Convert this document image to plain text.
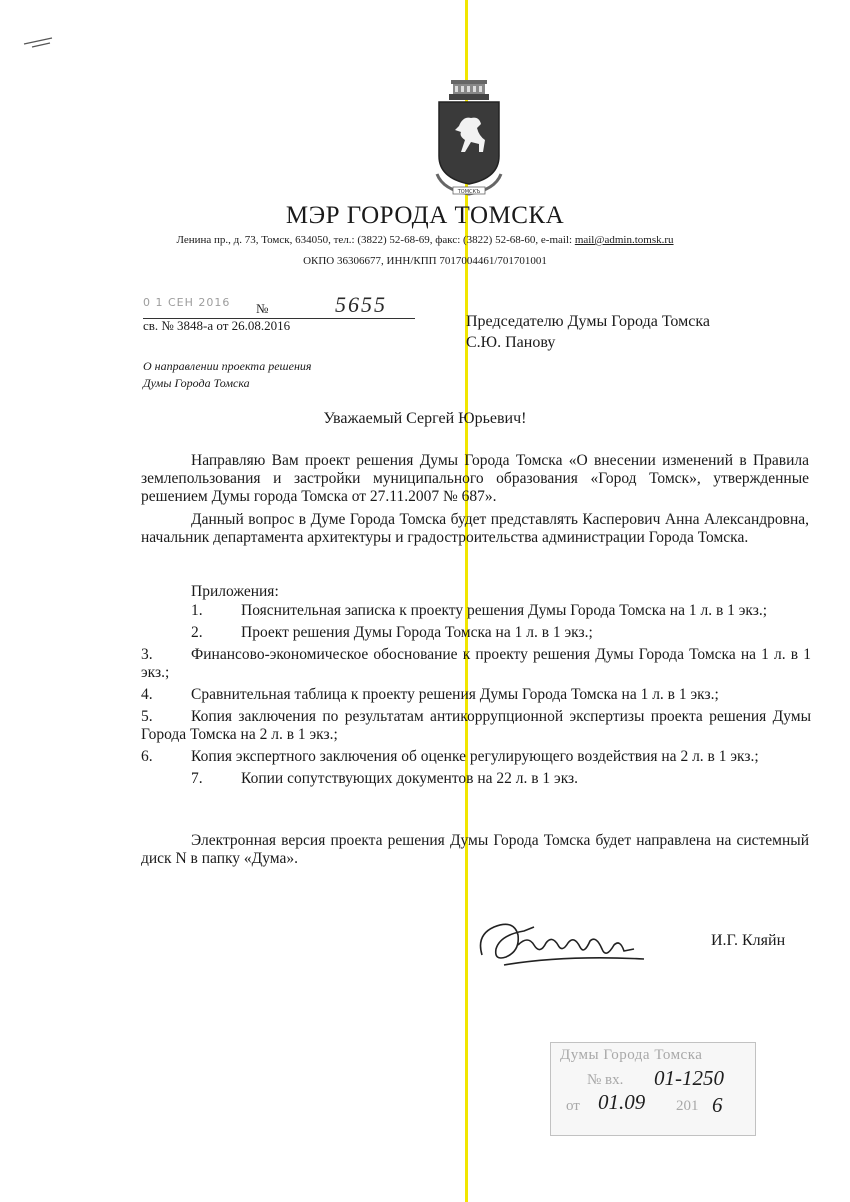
ТОМСКЪ
МЭР ГОРОДА ТОМСКА
Ленина пр., д. 73, Томск, 634050, тел.: (3822) 52-68-69, факс: (3822) 52-68-60, e-mail: mail@admin.tomsk.ru
ОКПО 36306677, ИНН/КПП 7017004461/701701001
0 1 СЕН 2016 №	5655
св. № 3848-а от 26.08.2016	Председателю Думы Города Томска
С.Ю. Панову
О направлении проекта решения
Думы Города Томска
Уважаемый Сергей Юрьевич!
Направляю Вам проект решения Думы Города Томска «О внесении изменений в Правила землепользования и застройки муниципального образования «Город Томск», утвержденные решением Думы города Томска от 27.11.2007 № 687».
Данный вопрос в Думе Города Томска будет представлять Касперович Анна Александровна, начальник департамента архитектуры и градостроительства администрации Города Томска.
Приложения:
1. Пояснительная записка к проекту решения Думы Города Томска на 1 л. в 1 экз.;
2. Проект решения Думы Города Томска на 1 л. в 1 экз.;
3. Финансово-экономическое обоснование к проекту решения Думы Города Томска на 1 л. в 1 экз.;
4. Сравнительная таблица к проекту решения Думы Города Томска на 1 л. в 1 экз.;
5. Копия заключения по результатам антикоррупционной экспертизы проекта решения Думы Города Томска на 2 л. в 1 экз.;
6. Копия экспертного заключения об оценке регулирующего воздействия на 2 л. в 1 экз.;
7. Копии сопутствующих документов на 22 л. в 1 экз.
Электронная версия проекта решения Думы Города Томска будет направлена на системный диск N в папку «Дума».
И.Г. Кляйн
Думы Города Томска
№ вх. 01-1250
от 01.09 201 6
